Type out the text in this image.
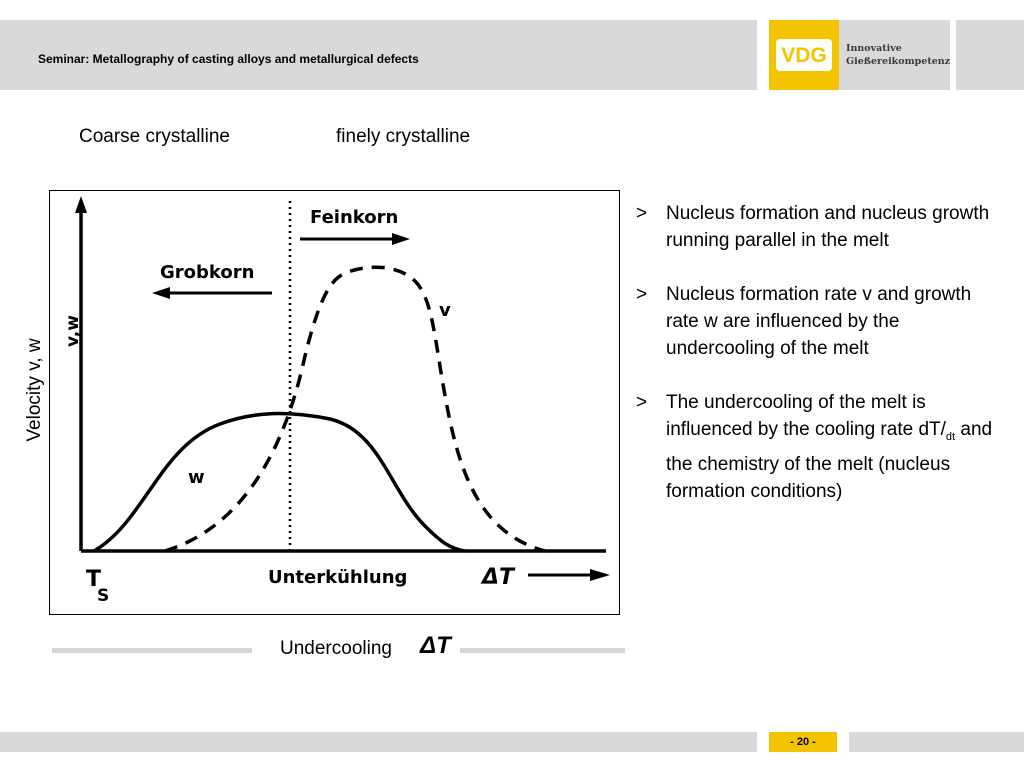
Seminar: Metallography of casting alloys and metallurgical defects	VDG Innovative
Gießereikompetenz
Coarse crystalline	finely crystalline
Velocity v, w
v,w
Grobkorn
Feinkorn
w
v
T
S
Unterkühlung	ΔT
Undercooling ΔT
> Nucleus formation and nucleus growth running parallel in the melt
> Nucleus formation rate v and growth rate w are influenced by the undercooling of the melt
> The undercooling of the melt is influenced by the cooling rate $dT/_{dt}$ and the chemistry of the melt (nucleus formation conditions)
- 20 -
